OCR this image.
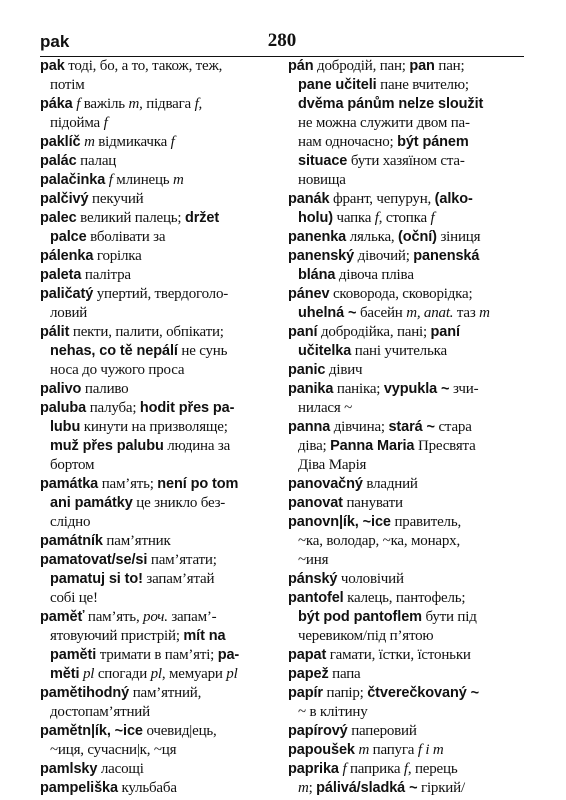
pak	280
pak тоді, бо, а то, також, теж,
потім
páka f важіль m, підвага f,
підойма f
paklíč m відмикачка f
palác палац
palačinka f млинець m
palčivý пекучий
palec великий палець; držet
palce вболівати за
pálenka горілка
paleta палітра
paličatý упертий, твердоголо-
ловий
pálit пекти, палити, обпікати;
nehas, co tě nepálí не сунь
носа до чужого проса
palivo паливо
paluba палуба; hodit přes pa-
lubu кинути на призволяще;
muž přes palubu людина за
бортом
památka пам’ять; není po tom
ani památky це зникло без-
слідно
památník пам’ятник
pamatovat/se/si пам’ятати;
pamatuj si to! запам’ятай
собі це!
paměť пам’ять, роч. запам’-
ятовуючий пристрій; mít na
paměti тримати в пам’яті; pa-
měti pl спогади pl, мемуари pl
pamětihodný пам’ятний,
достопам’ятний
pamětn|ík, ~ice очевид|ець,
~иця, сучасни|к, ~ця
pamlsky ласощі
pampeliška кульбаба
pán добродій, пан; pan пан;
pane učiteli пане вчителю;
dvěma pánům nelze sloužit
не можна служити двом па-
нам одночасно; být pánem
situace бути хазяїном ста-
новища
panák франт, чепурун, (alko-
holu) чапка f, стопка f
panenka лялька, (oční) зіниця
panenský дівочий; panenská
blána дівоча плівa
pánev сковорода, сковорідка;
uhelná ~ басейн m, anat. таз m
paní добродійка, пані; paní
učitelka пані учителька
panic дівич
panika паніка; vypukla ~ зчи-
нилася ~
panna дівчина; stará ~ стара
діва; Panna Maria Пресвята
Діва Марія
panovačný владний
panovat панувати
panovn|ík, ~ice правитель,
~ка, володар, ~ка, монарх,
~иня
pánský чоловічий
pantofel калець, пантофель;
být pod pantoflem бути під
черевиком/під п’ятою
papat гамати, їстки, їстоньки
papež папа
papír папір; čtverečkovaný ~
~ в клітину
papírový паперовий
papoušek m папуга f i m
paprika f паприка f, перець
m; pálivá/sladká ~ гіркий/
